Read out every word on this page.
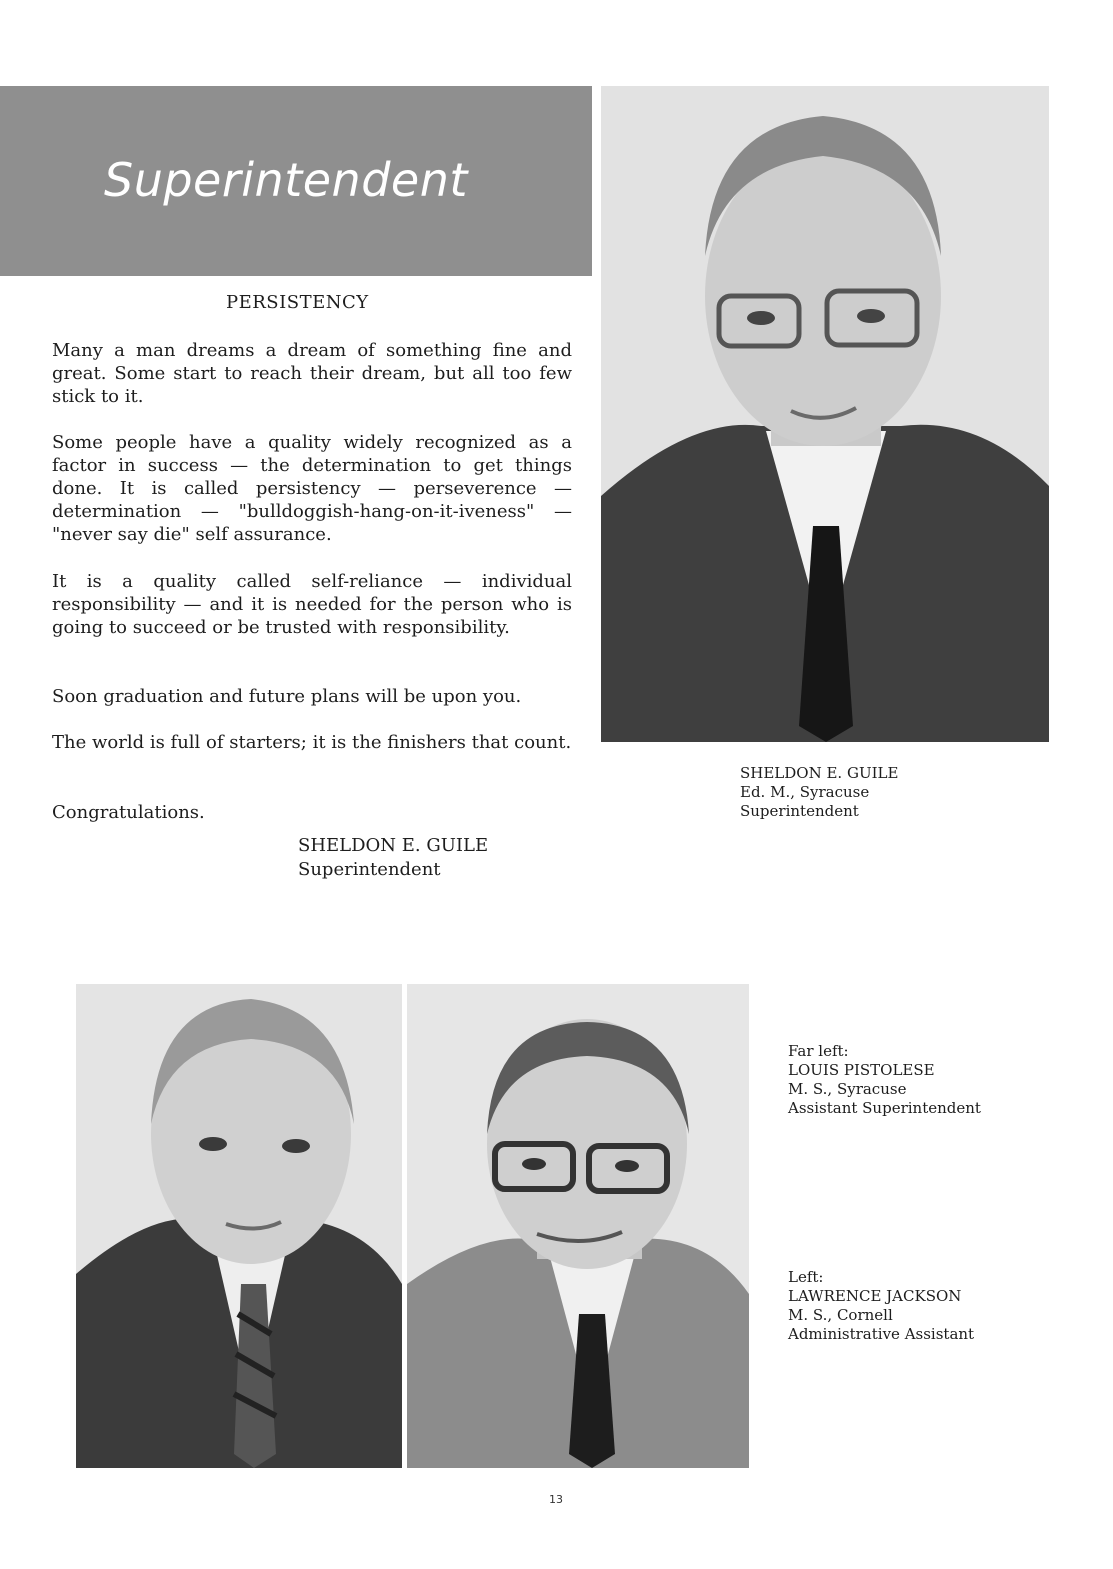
Superintendent
PERSISTENCY

Many a man dreams a dream of something fine and great. Some start to reach their dream, but all too few stick to it.

Some people have a quality widely recognized as a factor in success — the determination to get things done. It is called persistency — perseverence — determination — "bulldoggish-hang-on-it-iveness" — "never say die" self assurance.

It is a quality called self-reliance — individual responsibility — and it is needed for the person who is going to succeed or be trusted with responsibility.

Soon graduation and future plans will be upon you.

The world is full of starters; it is the finishers that count.

Congratulations.

SHELDON E. GUILE
Superintendent
SHELDON E. GUILE
Ed. M., Syracuse
Superintendent
Far left:
LOUIS PISTOLESE
M. S., Syracuse
Assistant Superintendent
Left:
LAWRENCE JACKSON
M. S., Cornell
Administrative Assistant
13
